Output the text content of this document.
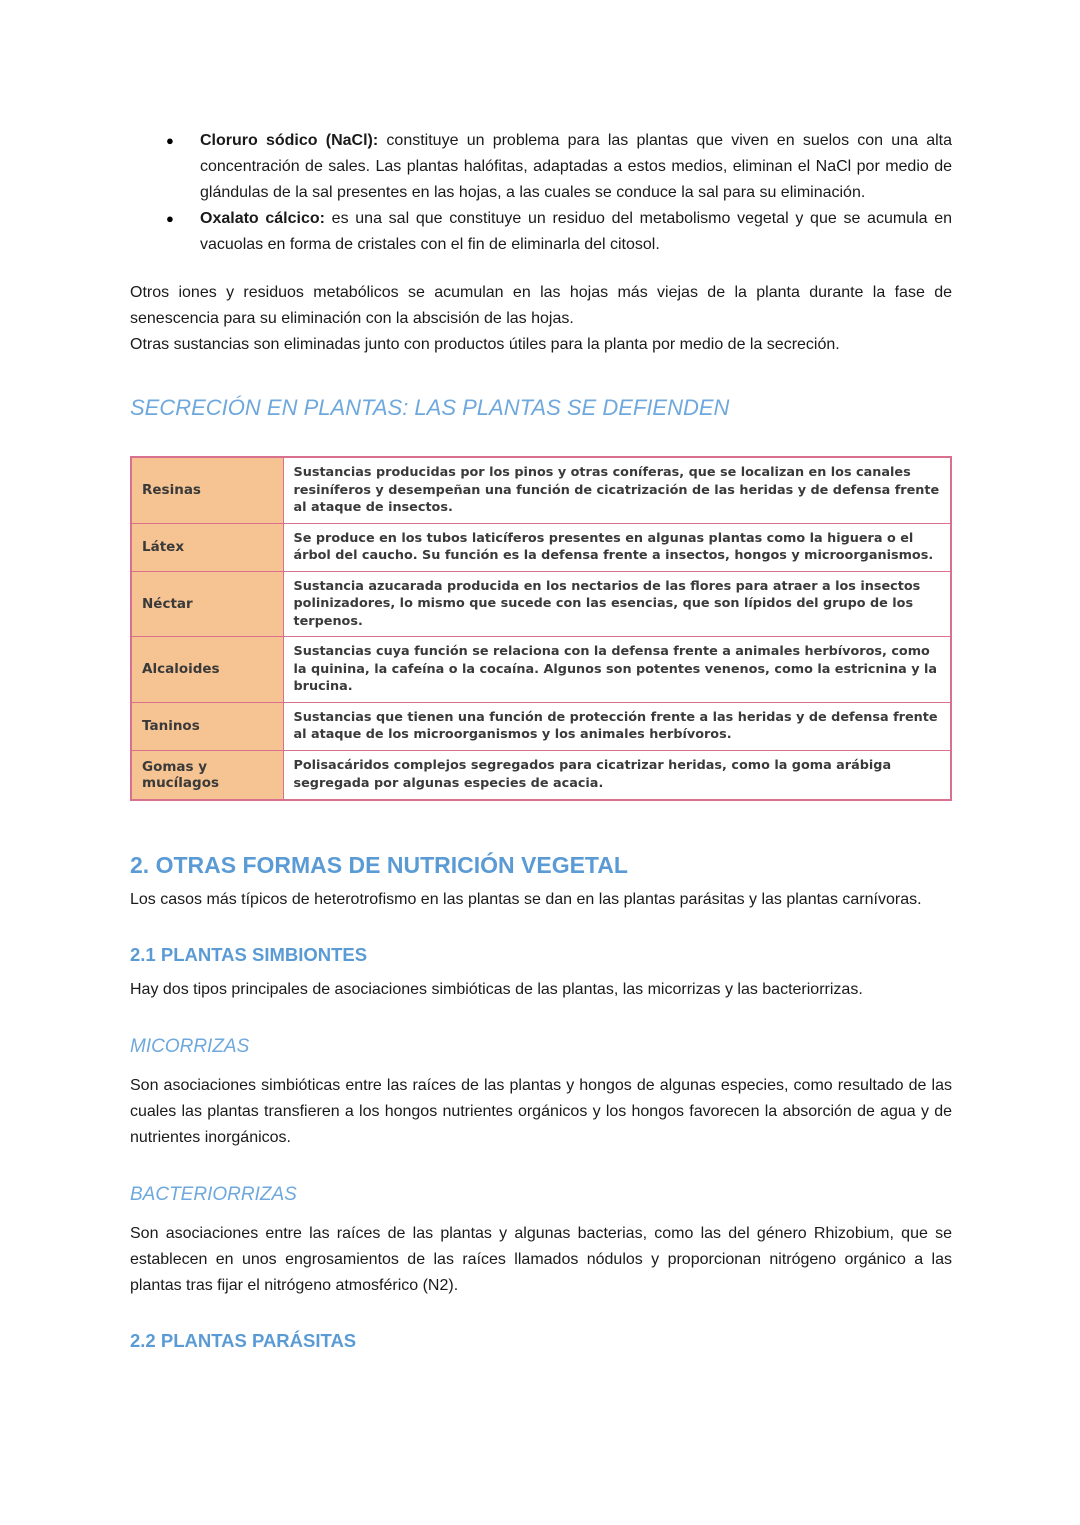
● Cloruro sódico (NaCl): constituye un problema para las plantas que viven en suelos con una alta concentración de sales. Las plantas halófitas, adaptadas a estos medios, eliminan el NaCl por medio de glándulas de la sal presentes en las hojas, a las cuales se conduce la sal para su eliminación.
● Oxalato cálcico: es una sal que constituye un residuo del metabolismo vegetal y que se acumula en vacuolas en forma de cristales con el fin de eliminarla del citosol.
Otros iones y residuos metabólicos se acumulan en las hojas más viejas de la planta durante la fase de senescencia para su eliminación con la abscisión de las hojas.
Otras sustancias son eliminadas junto con productos útiles para la planta por medio de la secreción.
SECRECIÓN EN PLANTAS: LAS PLANTAS SE DEFIENDEN
Resinas	Sustancias producidas por los pinos y otras coníferas, que se localizan en los canales resiníferos y desempeñan una función de cicatrización de las heridas y de defensa frente al ataque de insectos.
Látex	Se produce en los tubos laticíferos presentes en algunas plantas como la higuera o el árbol del caucho. Su función es la defensa frente a insectos, hongos y microorganismos.
Néctar	Sustancia azucarada producida en los nectarios de las flores para atraer a los insectos polinizadores, lo mismo que sucede con las esencias, que son lípidos del grupo de los terpenos.
Alcaloides	Sustancias cuya función se relaciona con la defensa frente a animales herbívoros, como la quinina, la cafeína o la cocaína. Algunos son potentes venenos, como la estricnina y la brucina.
Taninos	Sustancias que tienen una función de protección frente a las heridas y de defensa frente al ataque de los microorganismos y los animales herbívoros.
Gomas y mucílagos	Polisacáridos complejos segregados para cicatrizar heridas, como la goma arábiga segregada por algunas especies de acacia.
2. OTRAS FORMAS DE NUTRICIÓN VEGETAL
Los casos más típicos de heterotrofismo en las plantas se dan en las plantas parásitas y las plantas carnívoras.
2.1 PLANTAS SIMBIONTES
Hay dos tipos principales de asociaciones simbióticas de las plantas, las micorrizas y las bacteriorrizas.
MICORRIZAS
Son asociaciones simbióticas entre las raíces de las plantas y hongos de algunas especies, como resultado de las cuales las plantas transfieren a los hongos nutrientes orgánicos y los hongos favorecen la absorción de agua y de nutrientes inorgánicos.
BACTERIORRIZAS
Son asociaciones entre las raíces de las plantas y algunas bacterias, como las del género Rhizobium, que se establecen en unos engrosamientos de las raíces llamados nódulos y proporcionan nitrógeno orgánico a las plantas tras fijar el nitrógeno atmosférico (N2).
2.2 PLANTAS PARÁSITAS
